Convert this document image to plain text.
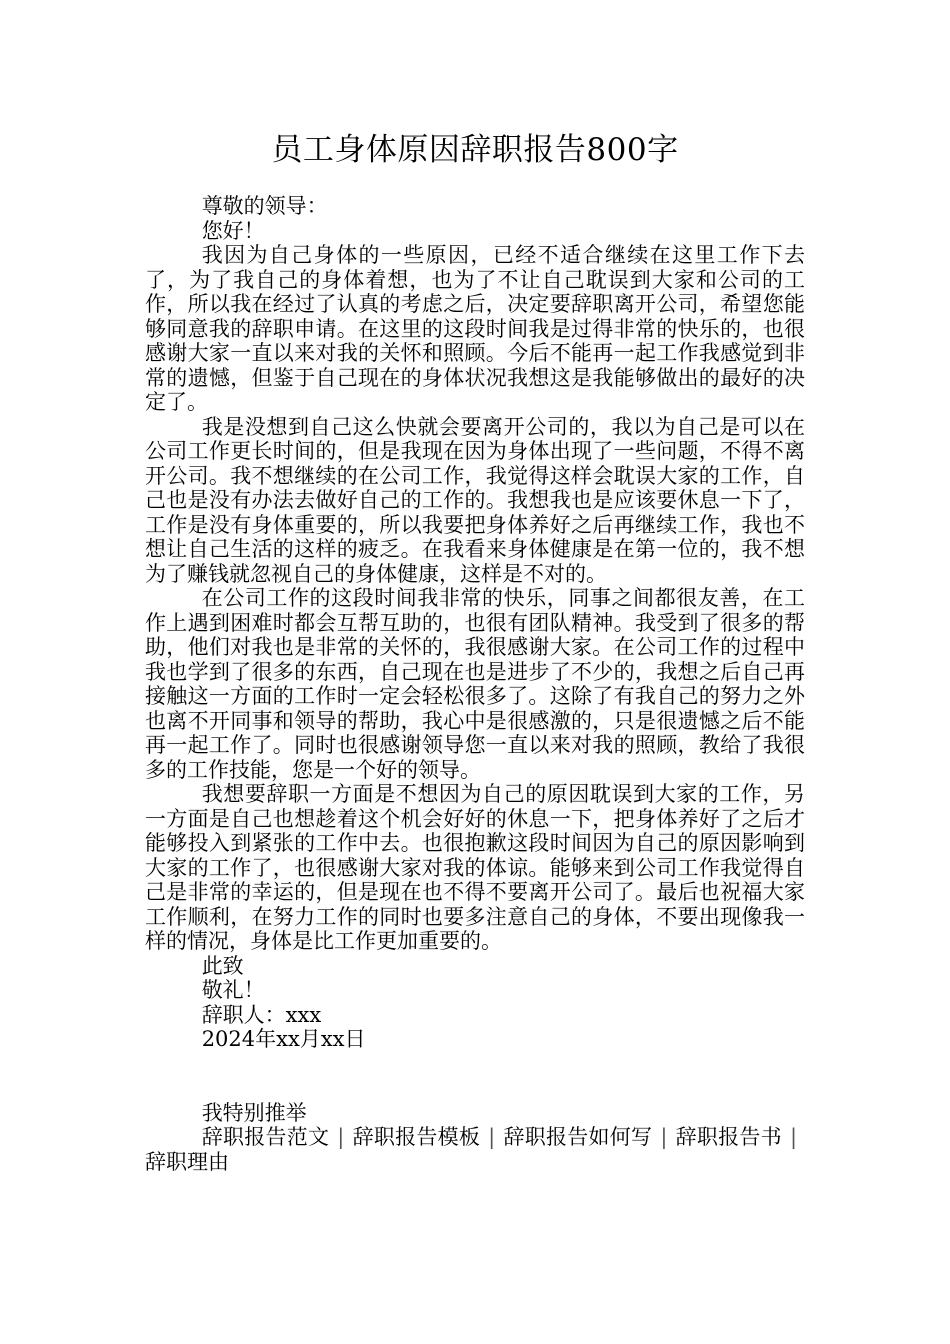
员工身体原因辞职报告800字

尊敬的领导：

您好！

我因为自己身体的一些原因，已经不适合继续在这里工作下去了，为了我自己的身体着想，也为了不让自己耽误到大家和公司的工作，所以我在经过了认真的考虑之后，决定要辞职离开公司，希望您能够同意我的辞职申请。在这里的这段时间我是过得非常的快乐的，也很感谢大家一直以来对我的关怀和照顾。今后不能再一起工作我感觉到非常的遗憾，但鉴于自己现在的身体状况我想这是我能够做出的最好的决定了。

我是没想到自己这么快就会要离开公司的，我以为自己是可以在公司工作更长时间的，但是我现在因为身体出现了一些问题，不得不离开公司。我不想继续的在公司工作，我觉得这样会耽误大家的工作，自己也是没有办法去做好自己的工作的。我想我也是应该要休息一下了，工作是没有身体重要的，所以我要把身体养好之后再继续工作，我也不想让自己生活的这样的疲乏。在我看来身体健康是在第一位的，我不想为了赚钱就忽视自己的身体健康，这样是不对的。

在公司工作的这段时间我非常的快乐，同事之间都很友善，在工作上遇到困难时都会互帮互助的，也很有团队精神。我受到了很多的帮助，他们对我也是非常的关怀的，我很感谢大家。在公司工作的过程中我也学到了很多的东西，自己现在也是进步了不少的，我想之后自己再接触这一方面的工作时一定会轻松很多了。这除了有我自己的努力之外也离不开同事和领导的帮助，我心中是很感激的，只是很遗憾之后不能再一起工作了。同时也很感谢领导您一直以来对我的照顾，教给了我很多的工作技能，您是一个好的领导。

我想要辞职一方面是不想因为自己的原因耽误到大家的工作，另一方面是自己也想趁着这个机会好好的休息一下，把身体养好了之后才能够投入到紧张的工作中去。也很抱歉这段时间因为自己的原因影响到大家的工作了，也很感谢大家对我的体谅。能够来到公司工作我觉得自己是非常的幸运的，但是现在也不得不要离开公司了。最后也祝福大家工作顺利，在努力工作的同时也要多注意自己的身体，不要出现像我一样的情况，身体是比工作更加重要的。

此致

敬礼！

辞职人：xxx

2024年xx月xx日

我特别推举

辞职报告范文 | 辞职报告模板 | 辞职报告如何写 | 辞职报告书 |辞职理由
